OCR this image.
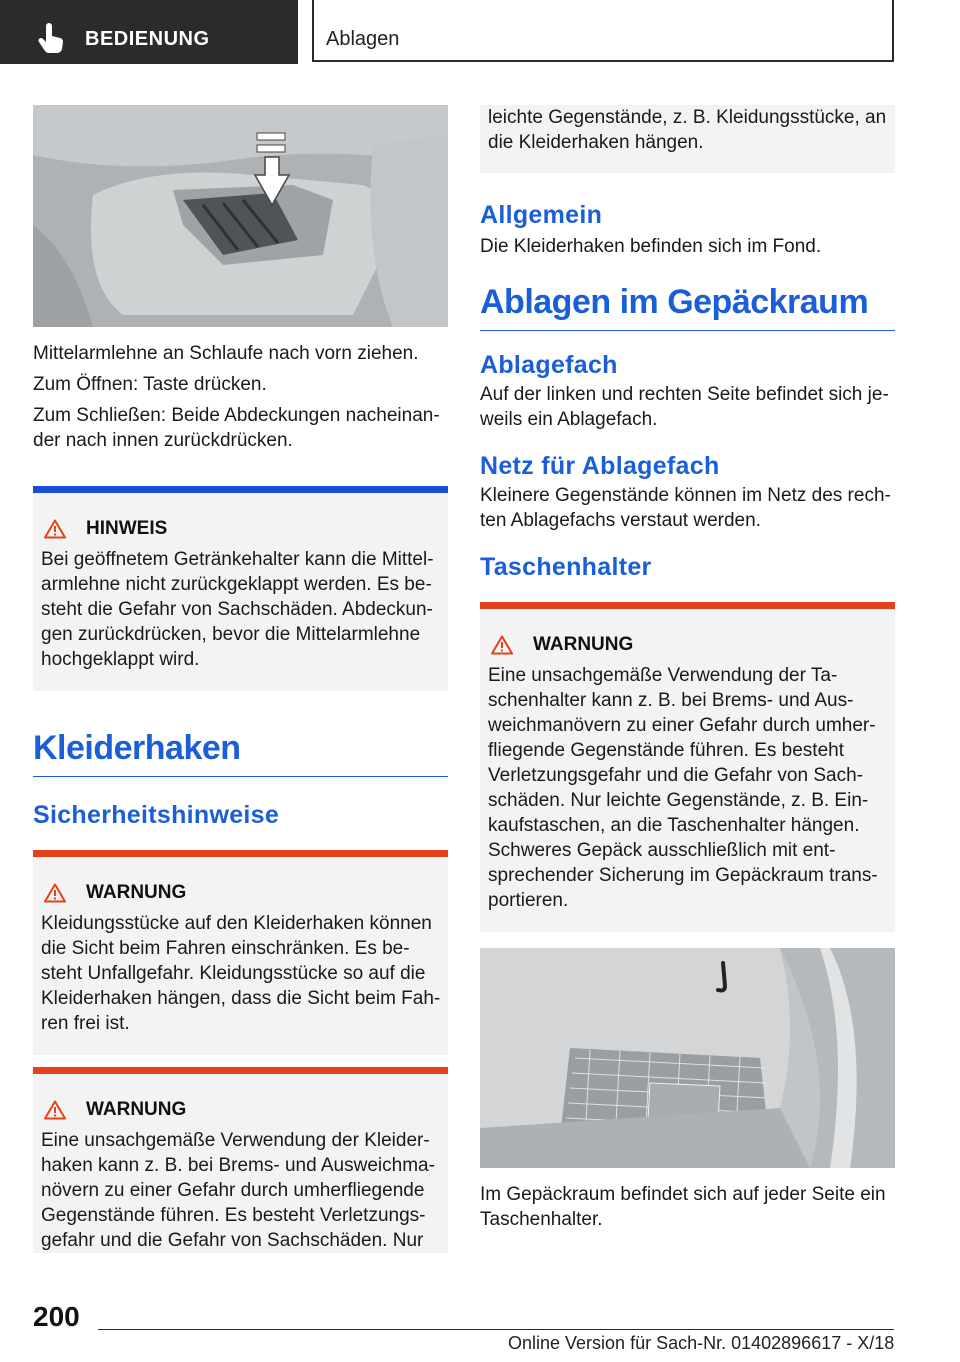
BEDIENUNG	Ablagen

Mittelarmlehne an Schlaufe nach vorn ziehen.

Zum Öffnen: Taste drücken.

Zum Schließen: Beide Abdeckungen nacheinander nach innen zurückdrücken.

HINWEIS

Bei geöffnetem Getränkehalter kann die Mittelarmlehne nicht zurückgeklappt werden. Es besteht die Gefahr von Sachschäden. Abdeckungen zurückdrücken, bevor die Mittelarmlehne hochgeklappt wird.

Kleiderhaken
Sicherheitshinweise
WARNUNG

Kleidungsstücke auf den Kleiderhaken können die Sicht beim Fahren einschränken. Es besteht Unfallgefahr. Kleidungsstücke so auf die Kleiderhaken hängen, dass die Sicht beim Fahren frei ist.

WARNUNG

Eine unsachgemäße Verwendung der Kleiderhaken kann z. B. bei Brems- und Ausweichmanövern zu einer Gefahr durch umherfliegende Gegenstände führen. Es besteht Verletzungsgefahr und die Gefahr von Sachschäden. Nur

leichte Gegenstände, z. B. Kleidungsstücke, an die Kleiderhaken hängen.

Allgemein

Die Kleiderhaken befinden sich im Fond.

Ablagen im Gepäckraum
Ablagefach

Auf der linken und rechten Seite befindet sich jeweils ein Ablagefach.

Netz für Ablagefach

Kleinere Gegenstände können im Netz des rechten Ablagefachs verstaut werden.

Taschenhalter
WARNUNG

Eine unsachgemäße Verwendung der Taschenhalter kann z. B. bei Brems- und Ausweichmanövern zu einer Gefahr durch umherfliegende Gegenstände führen. Es besteht Verletzungsgefahr und die Gefahr von Sachschäden. Nur leichte Gegenstände, z. B. Einkaufstaschen, an die Taschenhalter hängen. Schweres Gepäck ausschließlich mit entsprechender Sicherung im Gepäckraum transportieren.

Im Gepäckraum befindet sich auf jeder Seite ein Taschenhalter.

200
Online Version für Sach-Nr. 01402896617 - X/18
